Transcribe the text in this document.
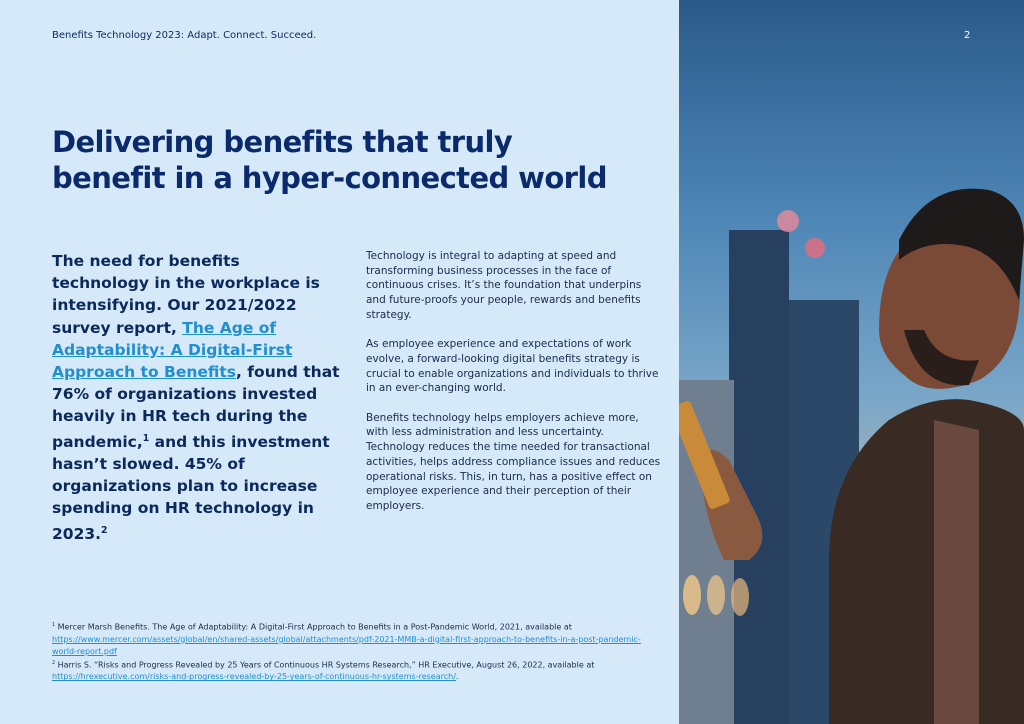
Benefits Technology 2023: Adapt. Connect. Succeed.	2
Delivering benefits that truly
benefit in a hyper-connected world
The need for benefits technology in the workplace is intensifying. Our 2021/2022 survey report, The Age of Adaptability: A Digital-First Approach to Benefits, found that 76% of organizations invested heavily in HR tech during the pandemic,$^1$ and this investment hasn’t slowed. 45% of organizations plan to increase spending on HR technology in 2023.$^2$

Technology is integral to adapting at speed and transforming business processes in the face of continuous crises. It’s the foundation that underpins and future-proofs your people, rewards and benefits strategy.

As employee experience and expectations of work evolve, a forward-looking digital benefits strategy is crucial to enable organizations and individuals to thrive in an ever-changing world.

Benefits technology helps employers achieve more, with less administration and less uncertainty. Technology reduces the time needed for transactional activities, helps address compliance issues and reduces operational risks. This, in turn, has a positive effect on employee experience and their perception of their employers.

$^1$ Mercer Marsh Benefits. The Age of Adaptability: A Digital-First Approach to Benefits in a Post-Pandemic World, 2021, available at

https://www.mercer.com/assets/global/en/shared-assets/global/attachments/pdf-2021-MMB-a-digital-first-approach-to-benefits-in-a-post-pandemic-world-report.pdf

$^2$ Harris S. “Risks and Progress Revealed by 25 Years of Continuous HR Systems Research,” HR Executive, August 26, 2022, available at

https://hrexecutive.com/risks-and-progress-revealed-by-25-years-of-continuous-hr-systems-research/.
